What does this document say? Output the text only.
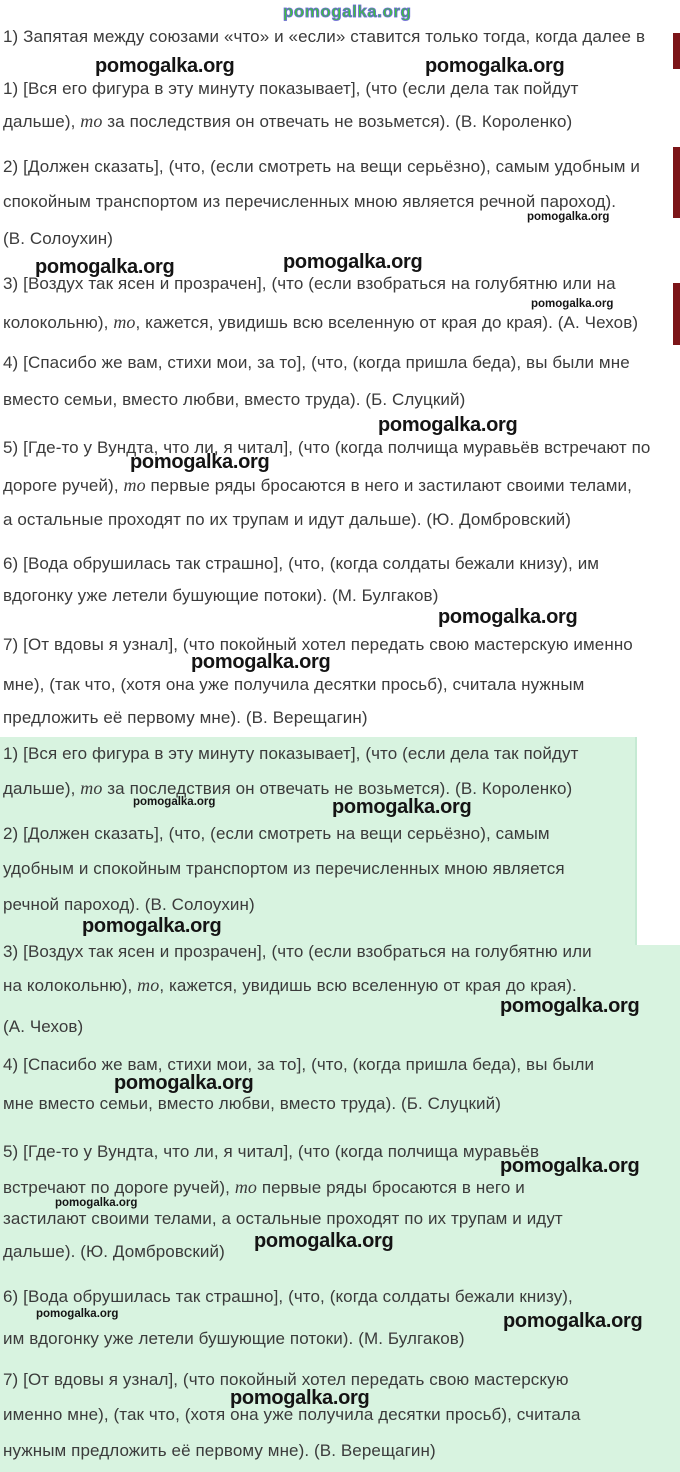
pomogalka.org
1) Запятая между союзами «что» и «если» ставится только тогда, когда далее в
1) [Вся его фигура в эту минуту показывает], (что (если дела так пойдут
дальше), то за последствия он отвечать не возьмется). (В. Короленко)
2) [Должен сказать], (что, (если смотреть на вещи серьёзно), самым удобным и
спокойным транспортом из перечисленных мною является речной пароход).
(В. Солоухин)
3) [Воздух так ясен и прозрачен], (что (если взобраться на голубятню или на
колокольню), то, кажется, увидишь всю вселенную от края до края). (А. Чехов)
4) [Спасибо же вам, стихи мои, за то], (что, (когда пришла беда), вы были мне
вместо семьи, вместо любви, вместо труда). (Б. Слуцкий)
5) [Где-то у Вундта, что ли, я читал], (что (когда полчища муравьёв встречают по
дороге ручей), то первые ряды бросаются в него и застилают своими телами,
а остальные проходят по их трупам и идут дальше). (Ю. Домбровский)
6) [Вода обрушилась так страшно], (что, (когда солдаты бежали книзу), им
вдогонку уже летели бушующие потоки). (М. Булгаков)
7) [От вдовы я узнал], (что покойный хотел передать свою мастерскую именно
мне), (так что, (хотя она уже получила десятки просьб), считала нужным
предложить её первому мне). (В. Верещагин)
1) [Вся его фигура в эту минуту показывает], (что (если дела так пойдут
дальше), то за последствия он отвечать не возьмется). (В. Короленко)
2) [Должен сказать], (что, (если смотреть на вещи серьёзно), самым
удобным и спокойным транспортом из перечисленных мною является
речной пароход). (В. Солоухин)
3) [Воздух так ясен и прозрачен], (что (если взобраться на голубятню или
на колокольню), то, кажется, увидишь всю вселенную от края до края).
(А. Чехов)
4) [Спасибо же вам, стихи мои, за то], (что, (когда пришла беда), вы были
мне вместо семьи, вместо любви, вместо труда). (Б. Слуцкий)
5) [Где-то у Вундта, что ли, я читал], (что (когда полчища муравьёв
встречают по дороге ручей), то первые ряды бросаются в него и
застилают своими телами, а остальные проходят по их трупам и идут
дальше). (Ю. Домбровский)
6) [Вода обрушилась так страшно], (что, (когда солдаты бежали книзу),
им вдогонку уже летели бушующие потоки). (М. Булгаков)
7) [От вдовы я узнал], (что покойный хотел передать свою мастерскую
именно мне), (так что, (хотя она уже получила десятки просьб), считала
нужным предложить её первому мне). (В. Верещагин)
pomogalka.org	pomogalka.org
pomogalka.org
pomogalka.org	pomogalka.org
pomogalka.org
pomogalka.org
pomogalka.org
pomogalka.org
pomogalka.org
pomogalka.org	pomogalka.org
pomogalka.org
pomogalka.org
pomogalka.org
pomogalka.org
pomogalka.org
pomogalka.org
pomogalka.org	pomogalka.org
pomogalka.org
